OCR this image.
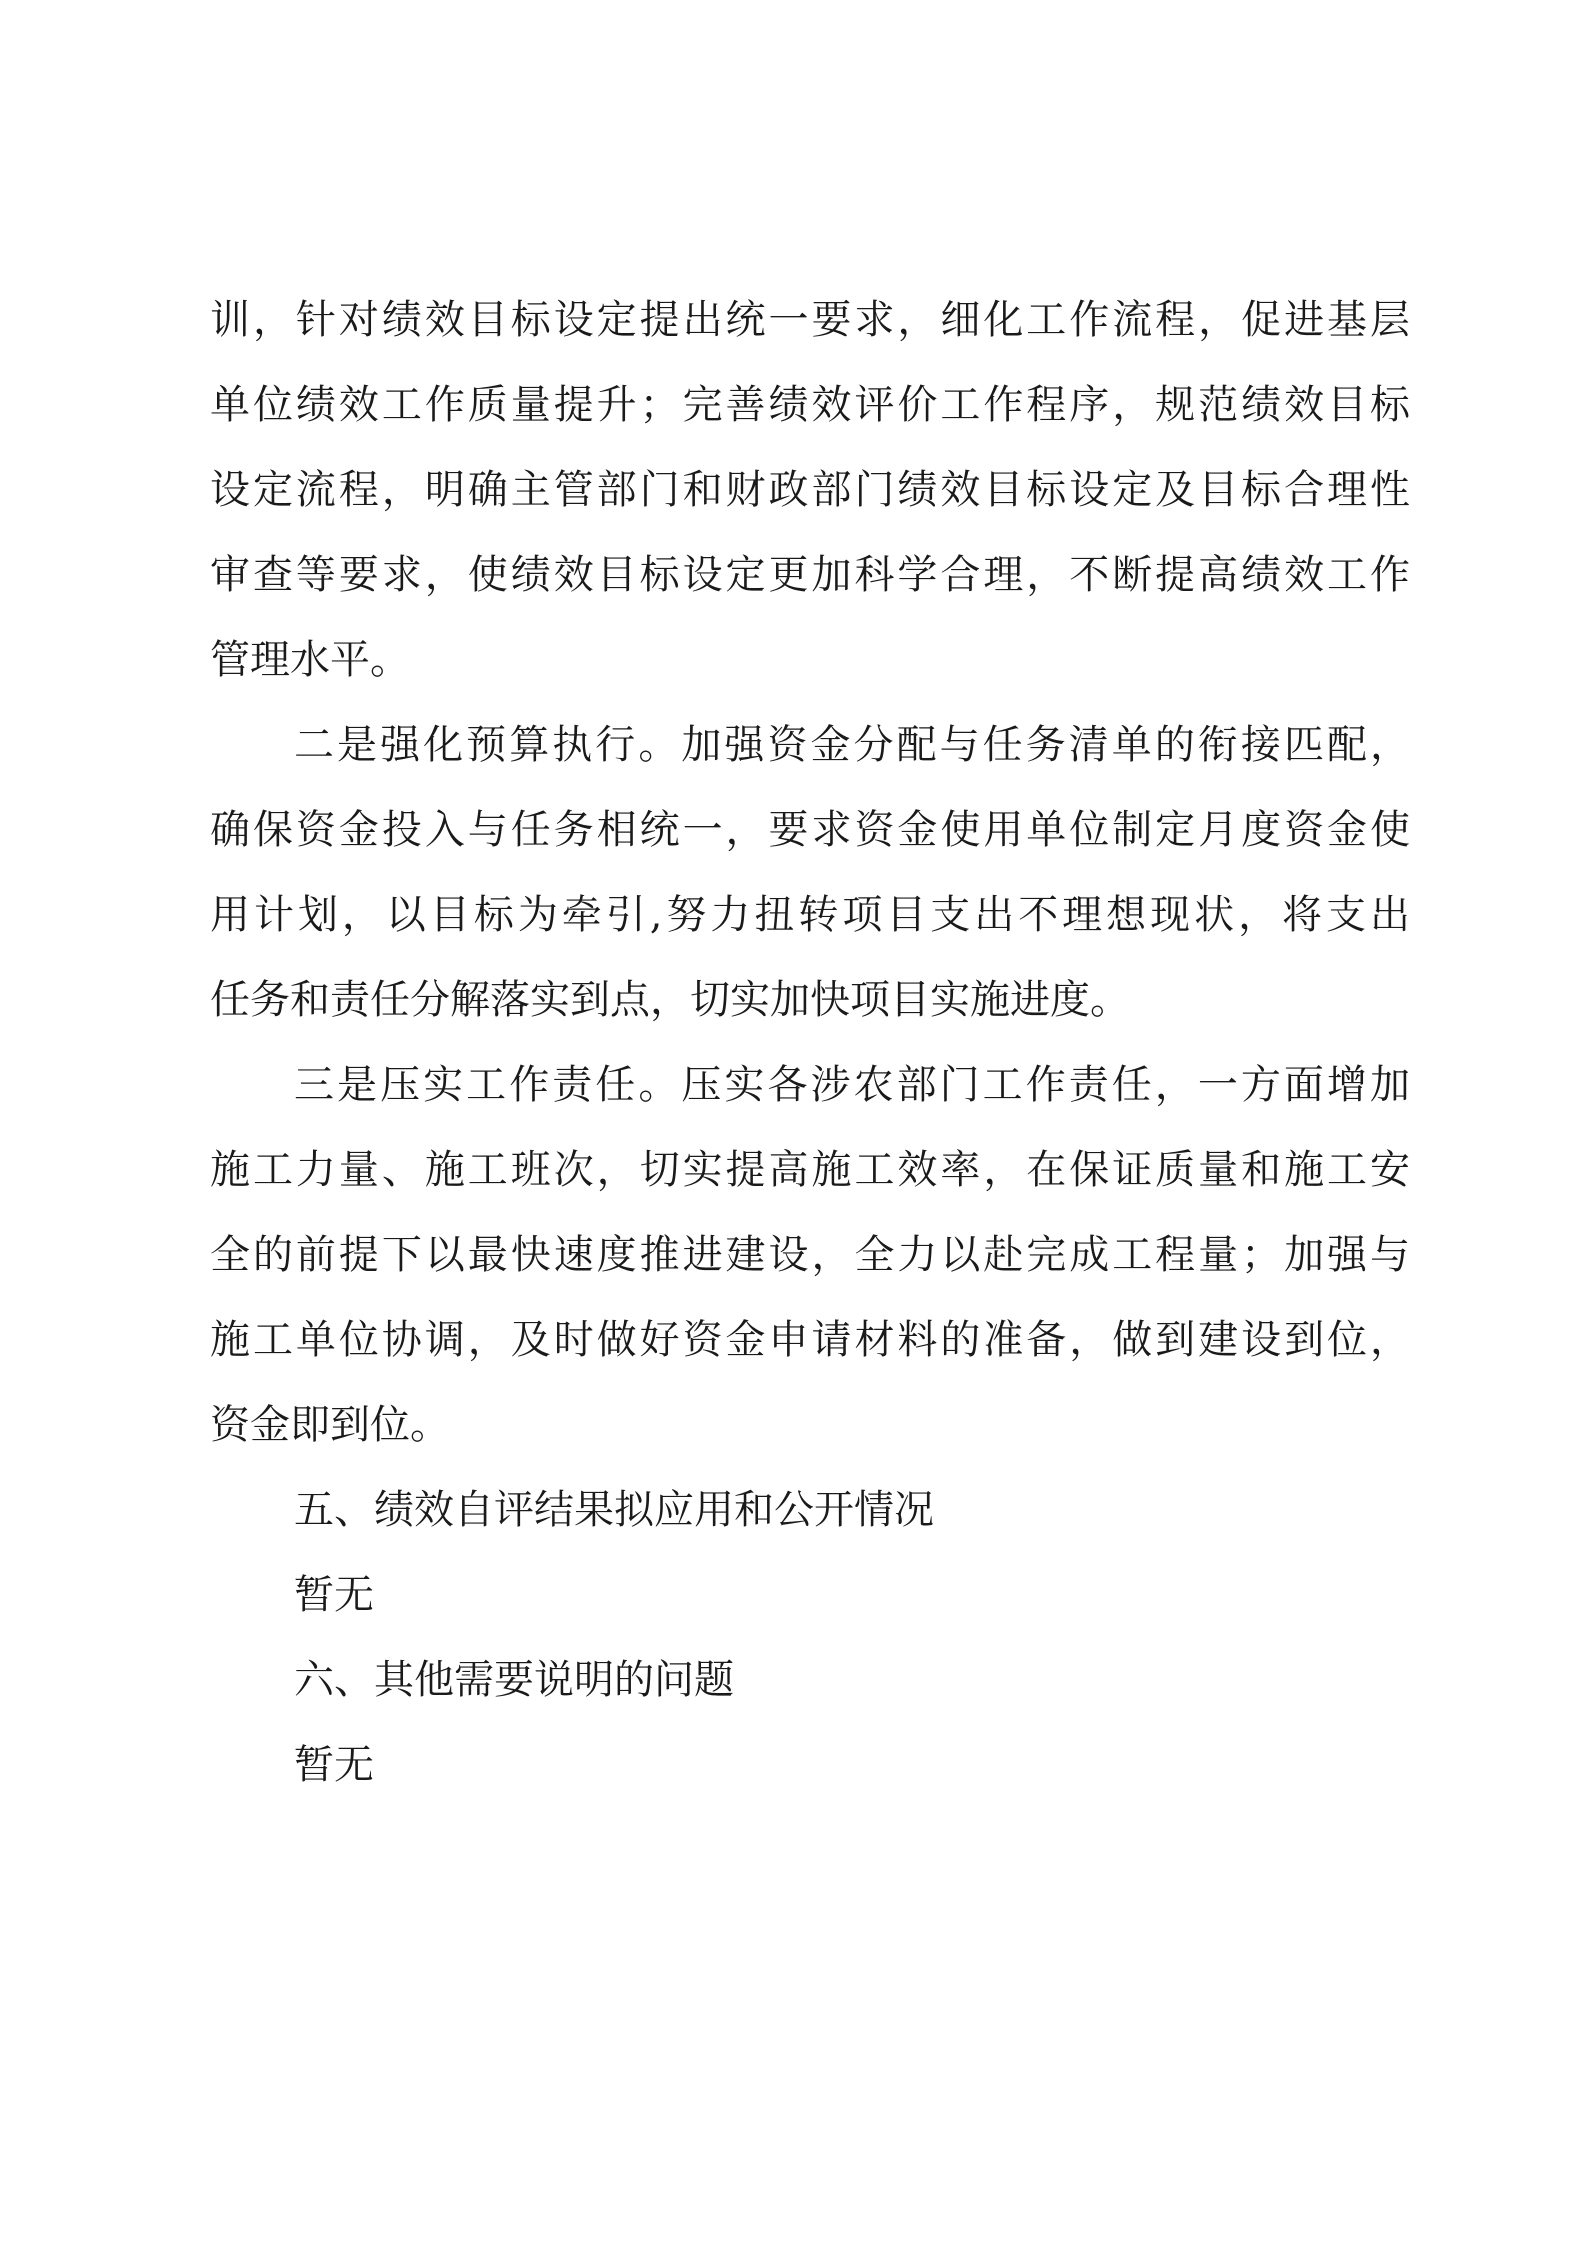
训，针对绩效目标设定提出统一要求，细化工作流程，促进基层
单位绩效工作质量提升；完善绩效评价工作程序，规范绩效目标
设定流程，明确主管部门和财政部门绩效目标设定及目标合理性
审查等要求，使绩效目标设定更加科学合理，不断提高绩效工作
管理水平。
二是强化预算执行。加强资金分配与任务清单的衔接匹配，
确保资金投入与任务相统一，要求资金使用单位制定月度资金使
用计划，以目标为牵引,努力扭转项目支出不理想现状，将支出
任务和责任分解落实到点，切实加快项目实施进度。
三是压实工作责任。压实各涉农部门工作责任，一方面增加
施工力量、施工班次，切实提高施工效率，在保证质量和施工安
全的前提下以最快速度推进建设，全力以赴完成工程量；加强与
施工单位协调，及时做好资金申请材料的准备，做到建设到位，
资金即到位。
五、绩效自评结果拟应用和公开情况
暂无
六、其他需要说明的问题
暂无
